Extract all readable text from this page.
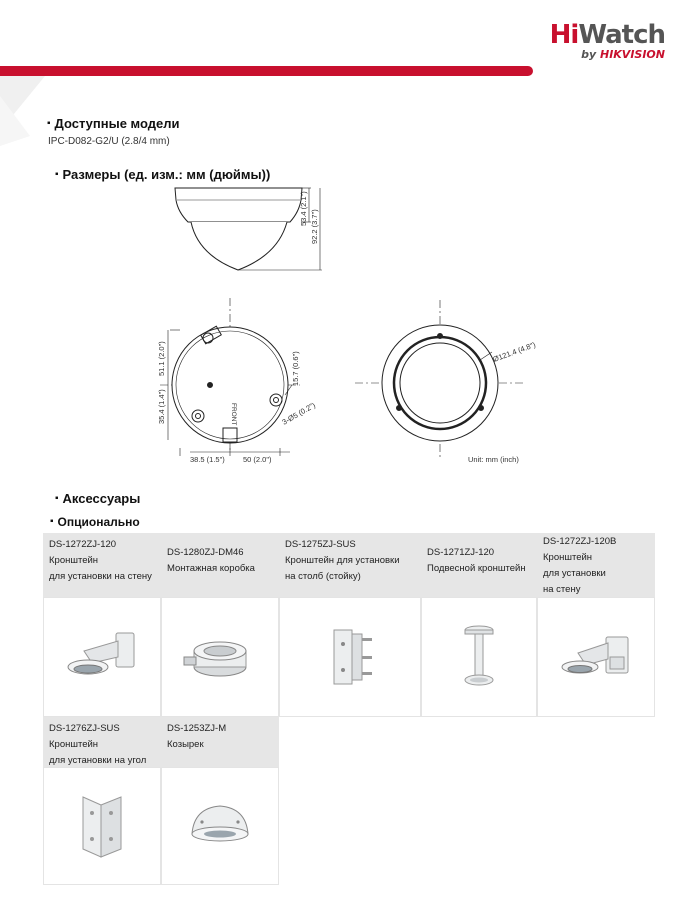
HiWatch
by HIKVISION
▪ Доступные модели
IPC-D082-G2/U (2.8/4 mm)
▪ Размеры (ед. изм.: мм (дюймы))
53.4 (2.1")
92.2 (3.7")
FRONT
51.1 (2.0")
35.4 (1.4")
15.7 (0.6")
3-Ø5 (0.2")
38.5 (1.5") 50 (2.0")
Ø121.4 (4.8")
Unit: mm (inch)
▪ Аксессуары
▪ Опционально
DS-1272ZJ-120
Кронштейн
для установки на стену
DS-1280ZJ-DM46
Монтажная коробка
DS-1275ZJ-SUS
Кронштейн для установки
на столб (стойку)
DS-1271ZJ-120
Подвесной кронштейн
DS-1272ZJ-120B
Кронштейн
для установки
на стену
DS-1276ZJ-SUS
Кронштейн
для установки на угол
DS-1253ZJ-M
Козырек
